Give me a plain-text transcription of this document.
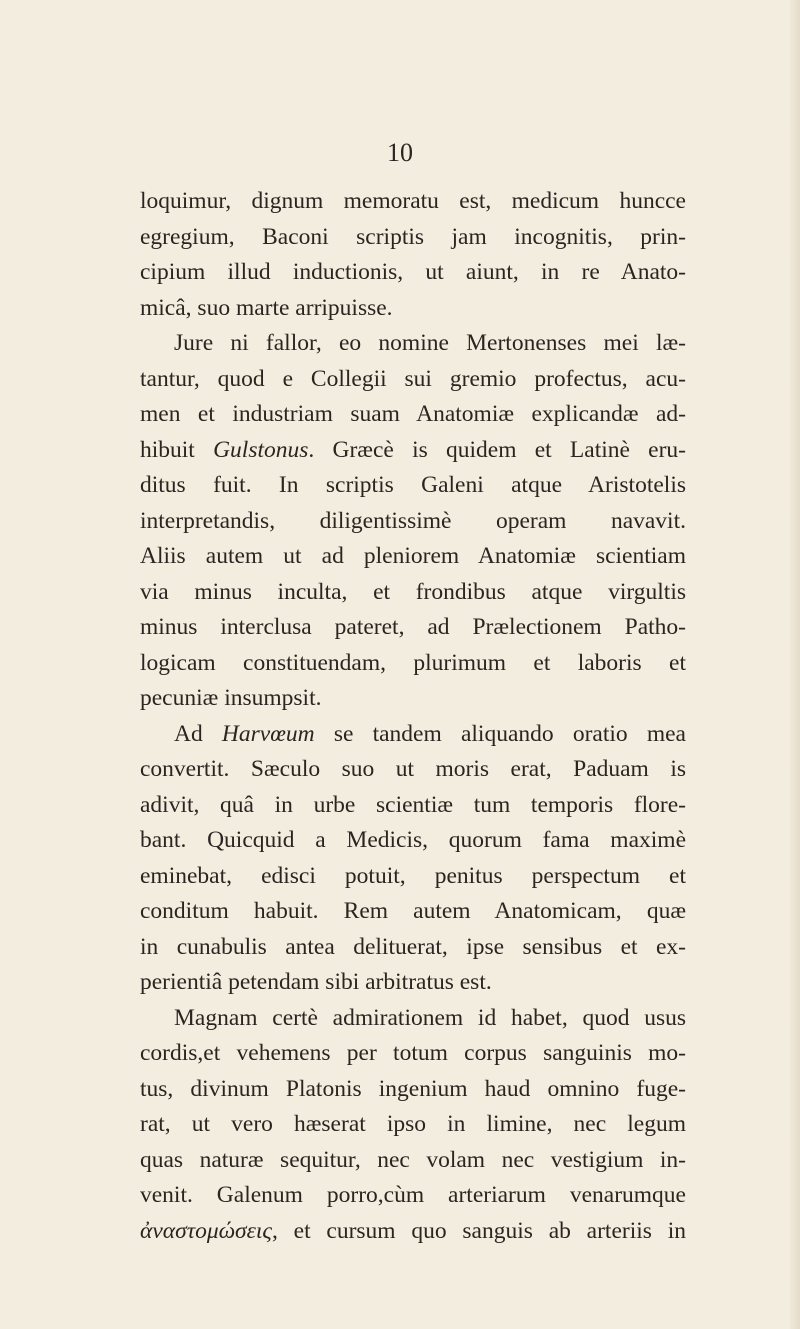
10
loquimur, dignum memoratu est, medicum huncce
egregium, Baconi scriptis jam incognitis, prin-
cipium illud inductionis, ut aiunt, in re Anato-
micâ, suo marte arripuisse.
Jure ni fallor, eo nomine Mertonenses mei læ-
tantur, quod e Collegii sui gremio profectus, acu-
men et industriam suam Anatomiæ explicandæ ad-
hibuit Gulstonus. Græcè is quidem et Latinè eru-
ditus fuit. In scriptis Galeni atque Aristotelis
interpretandis, diligentissimè operam navavit.
Aliis autem ut ad pleniorem Anatomiæ scientiam
via minus inculta, et frondibus atque virgultis
minus interclusa pateret, ad Prælectionem Patho-
logicam constituendam, plurimum et laboris et
pecuniæ insumpsit.
Ad Harvœum se tandem aliquando oratio mea
convertit. Sæculo suo ut moris erat, Paduam is
adivit, quâ in urbe scientiæ tum temporis flore-
bant. Quicquid a Medicis, quorum fama maximè
eminebat, edisci potuit, penitus perspectum et
conditum habuit. Rem autem Anatomicam, quæ
in cunabulis antea delituerat, ipse sensibus et ex-
perientiâ petendam sibi arbitratus est.
Magnam certè admirationem id habet, quod usus
cordis,et vehemens per totum corpus sanguinis mo-
tus, divinum Platonis ingenium haud omnino fuge-
rat, ut vero hæserat ipso in limine, nec legum
quas naturæ sequitur, nec volam nec vestigium in-
venit. Galenum porro,cùm arteriarum venarumque
ἀναστομώσεις, et cursum quo sanguis ab arteriis in
